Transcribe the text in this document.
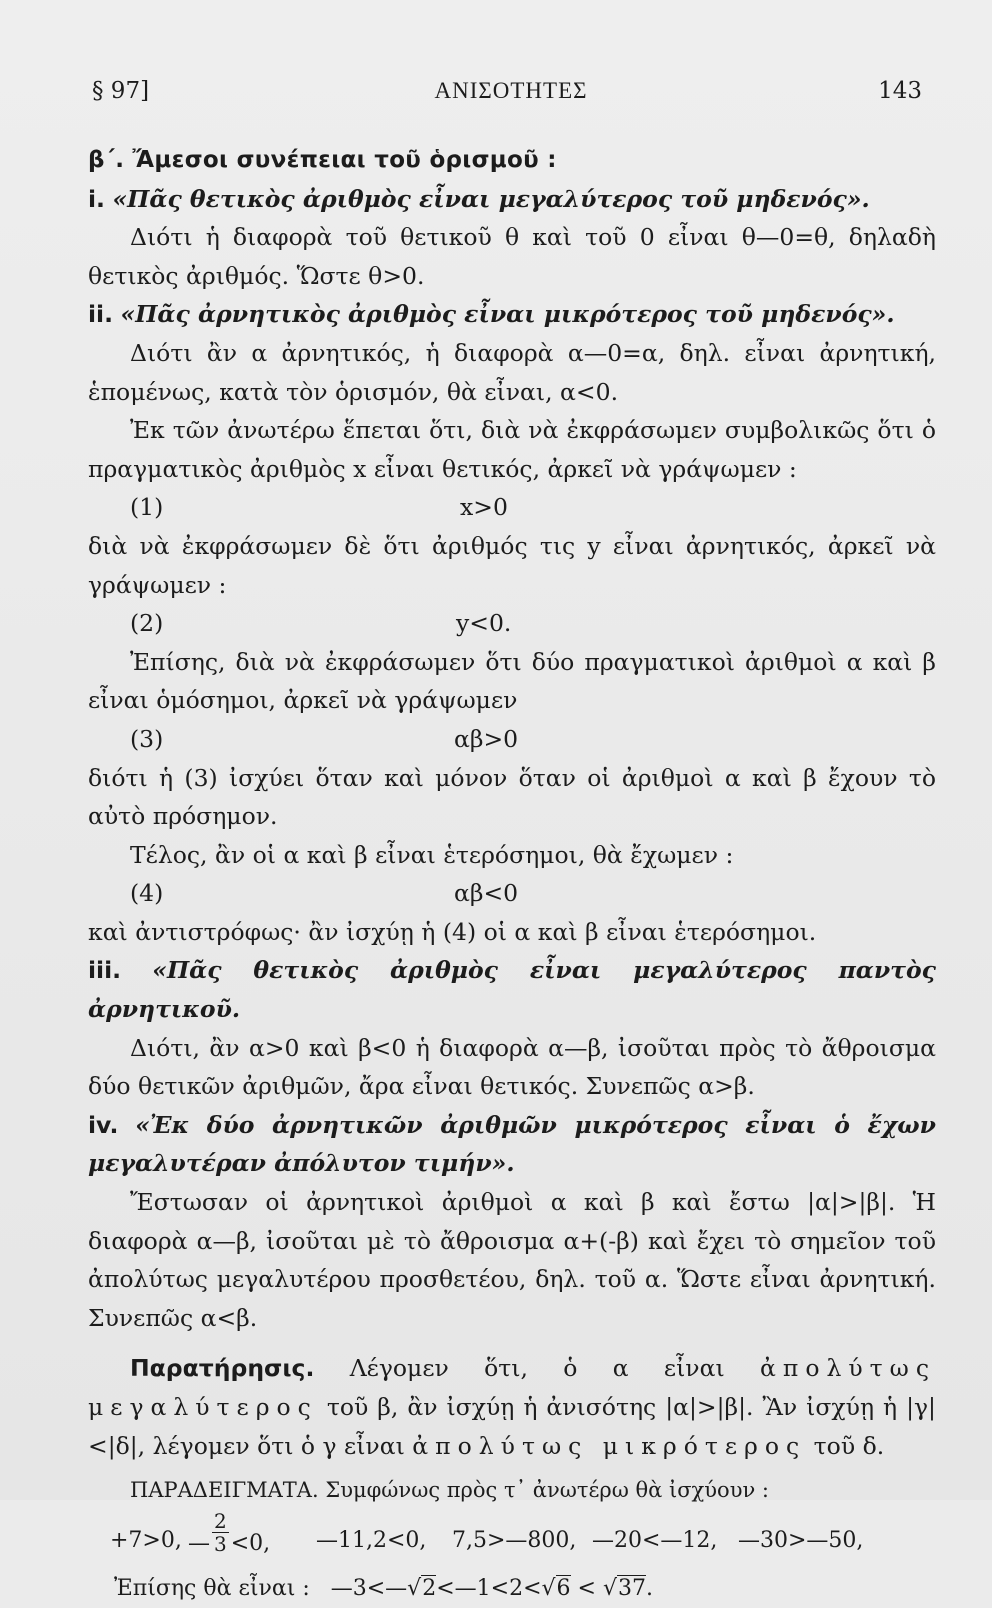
§ 97]	ΑΝΙΣΟΤΗΤΕΣ	143

β΄. Ἄμεσοι συνέπειαι τοῦ ὁρισμοῦ :

i. «Πᾶς θετικὸς ἀριθμὸς εἶναι μεγαλύτερος τοῦ μηδενός».

Διότι ἡ διαφορὰ τοῦ θετικοῦ θ καὶ τοῦ 0 εἶναι θ—0=θ, δηλαδὴ θετικὸς ἀριθμός. Ὥστε θ>0.

ii. «Πᾶς ἀρνητικὸς ἀριθμὸς εἶναι μικρότερος τοῦ μηδενός».

Διότι ἂν α ἀρνητικός, ἡ διαφορὰ α—0=α, δηλ. εἶναι ἀρνητική, ἑπομένως, κατὰ τὸν ὁρισμόν, θὰ εἶναι, α<0.

Ἐκ τῶν ἀνωτέρω ἕπεται ὅτι, διὰ νὰ ἐκφράσωμεν συμβολικῶς ὅτι ὁ πραγματικὸς ἀριθμὸς x εἶναι θετικός, ἀρκεῖ νὰ γράψωμεν :

(1)	x>0

διὰ νὰ ἐκφράσωμεν δὲ ὅτι ἀριθμός τις y εἶναι ἀρνητικός, ἀρκεῖ νὰ γράψωμεν :

(2)	y<0.

Ἐπίσης, διὰ νὰ ἐκφράσωμεν ὅτι δύο πραγματικοὶ ἀριθμοὶ α καὶ β εἶναι ὁμόσημοι, ἀρκεῖ νὰ γράψωμεν

(3)	αβ>0

διότι ἡ (3) ἰσχύει ὅταν καὶ μόνον ὅταν οἱ ἀριθμοὶ α καὶ β ἔχουν τὸ αὐτὸ πρόσημον.

Τέλος, ἂν οἱ α καὶ β εἶναι ἑτερόσημοι, θὰ ἔχωμεν :

(4)	αβ<0

καὶ ἀντιστρόφως· ἂν ἰσχύῃ ἡ (4) οἱ α καὶ β εἶναι ἑτερόσημοι.

iii. «Πᾶς θετικὸς ἀριθμὸς εἶναι μεγαλύτερος παντὸς ἀρνητικοῦ.

Διότι, ἂν α>0 καὶ β<0 ἡ διαφορὰ α—β, ἰσοῦται πρὸς τὸ ἄθροισμα δύο θετικῶν ἀριθμῶν, ἄρα εἶναι θετικός. Συνεπῶς α>β.

iv. «Ἐκ δύο ἀρνητικῶν ἀριθμῶν μικρότερος εἶναι ὁ ἔχων μεγαλυτέραν ἀπόλυτον τιμήν».

Ἔστωσαν οἱ ἀρνητικοὶ ἀριθμοὶ α καὶ β καὶ ἔστω |α|>|β|. Ἡ διαφορὰ α—β, ἰσοῦται μὲ τὸ ἄθροισμα α+(-β) καὶ ἔχει τὸ σημεῖον τοῦ ἀπολύτως μεγαλυτέρου προσθετέου, δηλ. τοῦ α. Ὥστε εἶναι ἀρνητική. Συνεπῶς α<β.

Παρατήρησις. Λέγομεν ὅτι, ὁ α εἶναι ἀπολύτως μεγαλύτερος τοῦ β, ἂν ἰσχύῃ ἡ ἀνισότης |α|>|β|. Ἂν ἰσχύῃ ἡ |γ|<|δ|, λέγομεν ὅτι ὁ γ εἶναι ἀπολύτως μικρότερος τοῦ δ.

ΠΑΡΑΔΕΙΓΜΑΤΑ. Συμφώνως πρὸς τ᾽ ἀνωτέρω θὰ ἰσχύουν :

+7>0, — $\frac{2}{3} <0$, —11,2<0, 7,5>—800, —20<—12, —30>—50,

Ἐπίσης θὰ εἶναι : —3<—√2<—1<2<√6 < √37.
